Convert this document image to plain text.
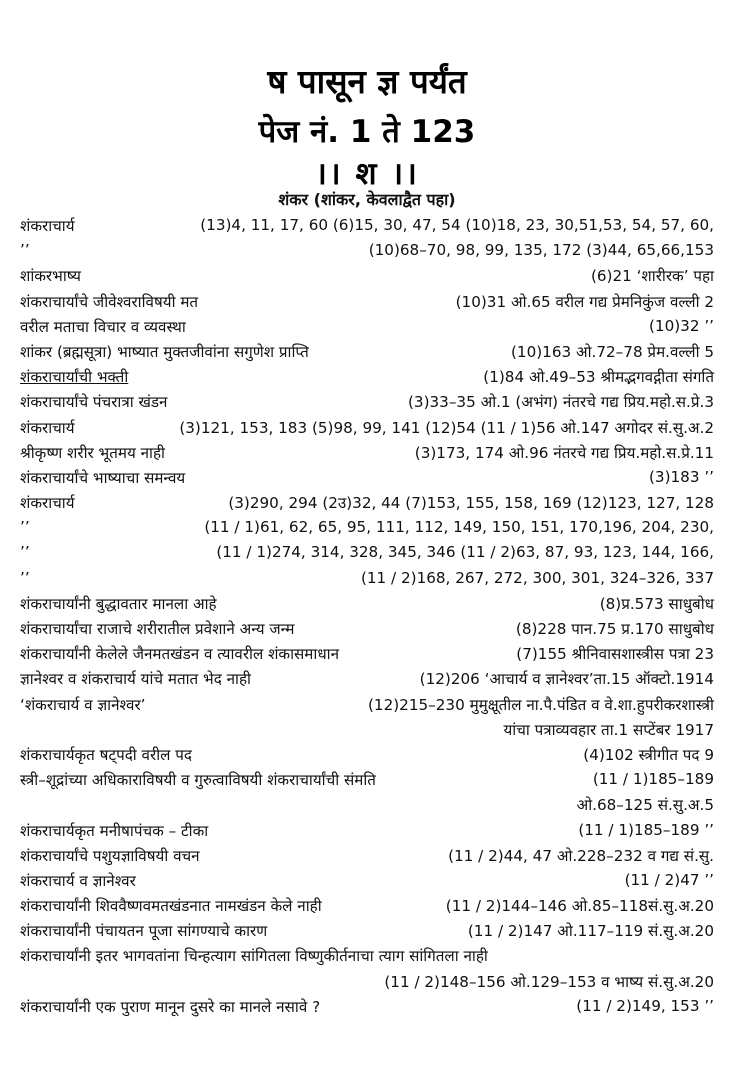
ष पासून ज्ञ पर्यंत
पेज नं. 1 ते 123
।। श ।।
शंकर (शांकर, केवलाद्वैत पहा)
शंकराचार्य	(13)4, 11, 17, 60 (6)15, 30, 47, 54 (10)18, 23, 30,51,53, 54, 57, 60,
’’	(10)68–70, 98, 99, 135, 172 (3)44, 65,66,153
शांकरभाष्य	(6)21 ‘शारीरक’ पहा
शंकराचार्यांचे जीवेश्वराविषयी मत	(10)31 ओ.65 वरील गद्य प्रेमनिकुंज वल्ली 2
वरील मताचा विचार व व्यवस्था	(10)32 ’’
शांकर (ब्रह्मसूत्रा) भाष्यात मुक्तजीवांना सगुणेश प्राप्ति	(10)163 ओ.72–78 प्रेम.वल्ली 5
शंकराचार्यांची भक्ती	(1)84 ओ.49–53 श्रीमद्भगवद्गीता संगति
शंकराचार्यांचे पंचरात्रा खंडन	(3)33–35 ओ.1 (अभंग) नंतरचे गद्य प्रिय.महो.स.प्रे.3
शंकराचार्य	(3)121, 153, 183 (5)98, 99, 141 (12)54 (11 / 1)56 ओ.147 अगोदर सं.सु.अ.2
श्रीकृष्ण शरीर भूतमय नाही	(3)173, 174 ओ.96 नंतरचे गद्य प्रिय.महो.स.प्रे.11
शंकराचार्यांचे भाष्याचा समन्वय	(3)183 ’’
शंकराचार्य	(3)290, 294 (2उ)32, 44 (7)153, 155, 158, 169 (12)123, 127, 128
’’	(11 / 1)61, 62, 65, 95, 111, 112, 149, 150, 151, 170,196, 204, 230,
’’	(11 / 1)274, 314, 328, 345, 346 (11 / 2)63, 87, 93, 123, 144, 166,
’’	(11 / 2)168, 267, 272, 300, 301, 324–326, 337
शंकराचार्यांनी बुद्धावतार मानला आहे	(8)प्र.573 साधुबोध
शंकराचार्यांचा राजाचे शरीरातील प्रवेशाने अन्य जन्म	(8)228 पान.75 प्र.170 साधुबोध
शंकराचार्यांनी केलेले जैनमतखंडन व त्यावरील शंकासमाधान	(7)155 श्रीनिवासशास्त्रीस पत्रा 23
ज्ञानेश्वर व शंकराचार्य यांचे मतात भेद नाही	(12)206 ‘आचार्य व ज्ञानेश्वर’ता.15 ऑक्टो.1914
‘शंकराचार्य व ज्ञानेश्वर’	(12)215–230 मुमुक्षूतील ना.पै.पंडित व वे.शा.हुपरीकरशास्त्री
यांचा पत्राव्यवहार ता.1 सप्टेंबर 1917
शंकराचार्यकृत षट्पदी वरील पद	(4)102 स्त्रीगीत पद 9
स्त्री–शूद्रांच्या अधिकाराविषयी व गुरुत्वाविषयी शंकराचार्यांची संमति	(11 / 1)185–189
ओ.68–125 सं.सु.अ.5
शंकराचार्यकृत मनीषापंचक – टीका	(11 / 1)185–189 ’’
शंकराचार्यांचे पशुयज्ञाविषयी वचन	(11 / 2)44, 47 ओ.228–232 व गद्य सं.सु.
शंकराचार्य व ज्ञानेश्वर	(11 / 2)47 ’’
शंकराचार्यांनी शिववैष्णवमतखंडनात नामखंडन केले नाही	(11 / 2)144–146 ओ.85–118सं.सु.अ.20
शंकराचार्यांनी पंचायतन पूजा सांगण्याचे कारण	(11 / 2)147 ओ.117–119 सं.सु.अ.20
शंकराचार्यांनी इतर भागवतांना चिन्हत्याग सांगितला विष्णुकीर्तनाचा त्याग सांगितला नाही
(11 / 2)148–156 ओ.129–153 व भाष्य सं.सु.अ.20
शंकराचार्यांनी एक पुराण मानून दुसरे का मानले नसावे ?	(11 / 2)149, 153 ’’
